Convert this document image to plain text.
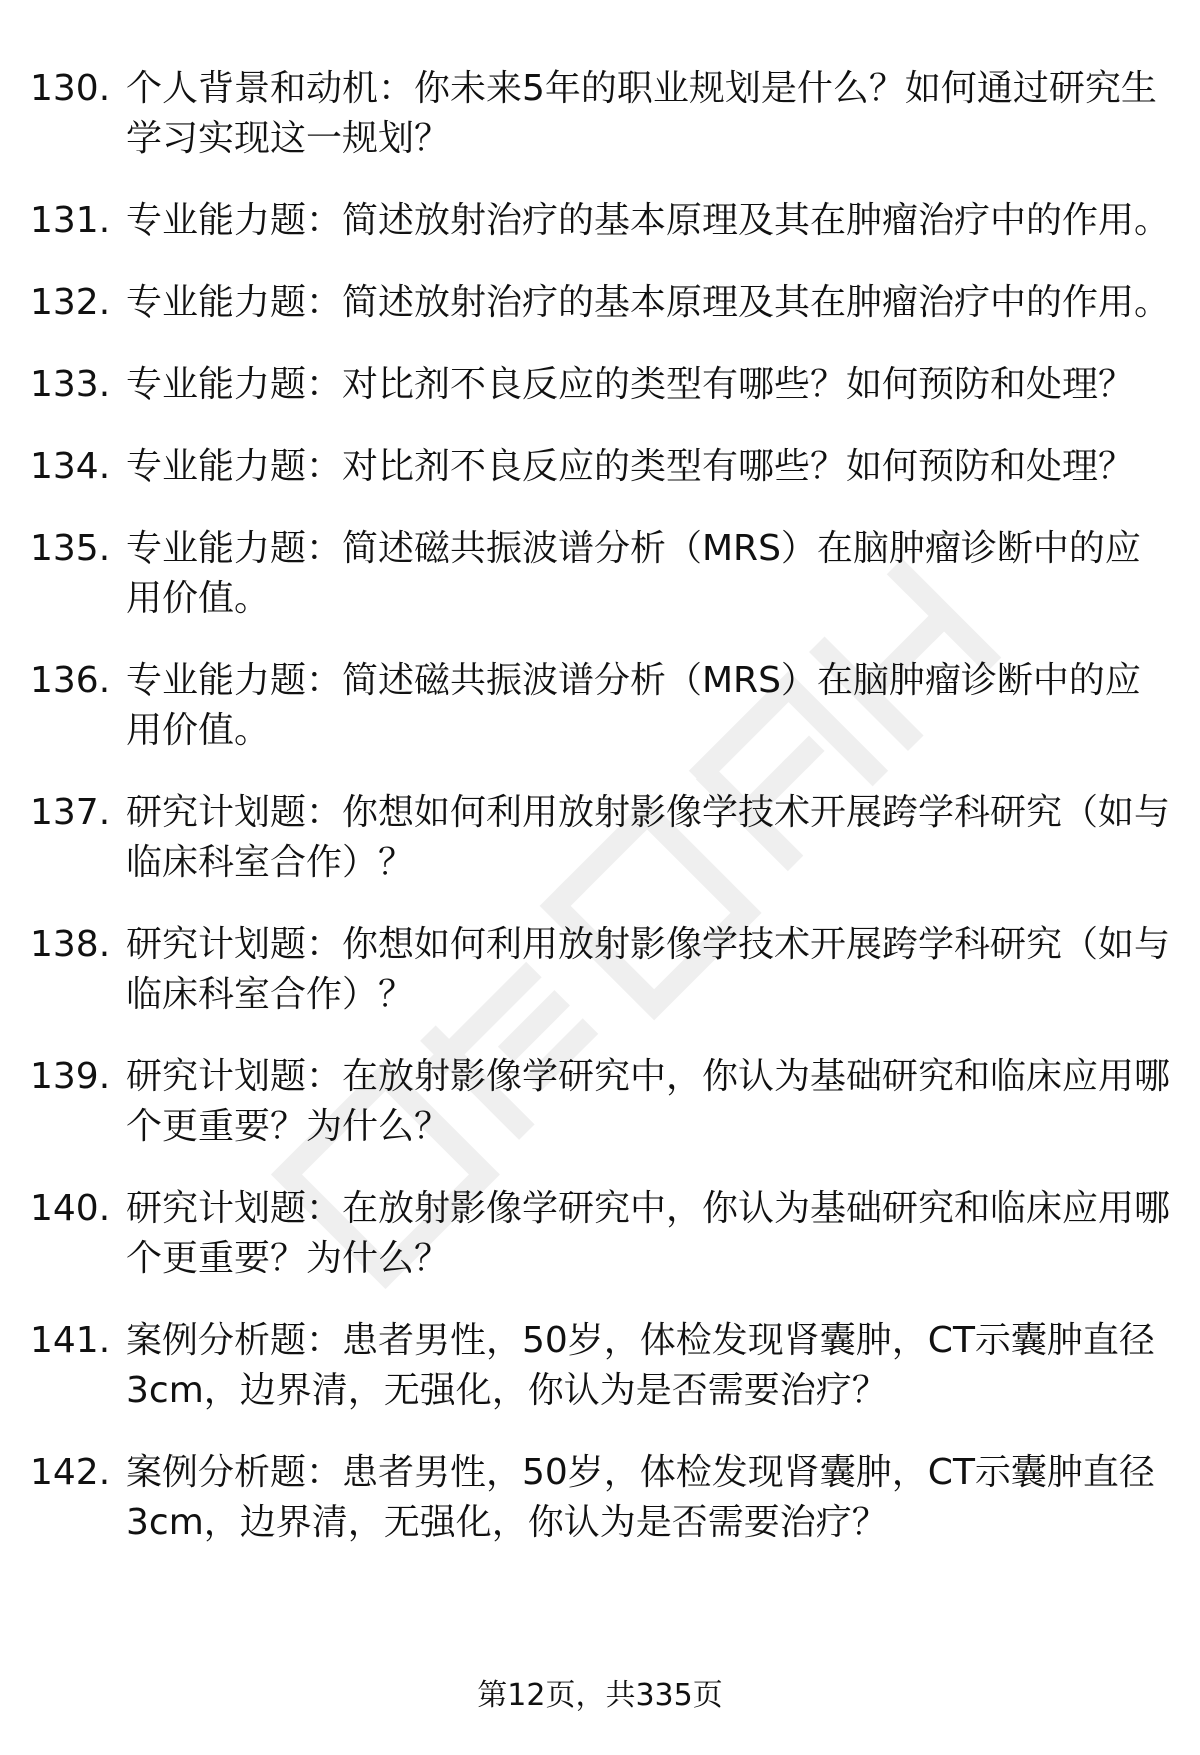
130. 个人背景和动机：你未来5年的职业规划是什么？如何通过研究生学习实现这一规划？
131. 专业能力题：简述放射治疗的基本原理及其在肿瘤治疗中的作用。
132. 专业能力题：简述放射治疗的基本原理及其在肿瘤治疗中的作用。
133. 专业能力题：对比剂不良反应的类型有哪些？如何预防和处理？
134. 专业能力题：对比剂不良反应的类型有哪些？如何预防和处理？
135. 专业能力题：简述磁共振波谱分析（MRS）在脑肿瘤诊断中的应用价值。
136. 专业能力题：简述磁共振波谱分析（MRS）在脑肿瘤诊断中的应用价值。
137. 研究计划题：你想如何利用放射影像学技术开展跨学科研究（如与临床科室合作）？
138. 研究计划题：你想如何利用放射影像学技术开展跨学科研究（如与临床科室合作）？
139. 研究计划题：在放射影像学研究中，你认为基础研究和临床应用哪个更重要？为什么？
140. 研究计划题：在放射影像学研究中，你认为基础研究和临床应用哪个更重要？为什么？
141. 案例分析题：患者男性，50岁，体检发现肾囊肿，CT示囊肿直径3cm，边界清，无强化，你认为是否需要治疗？
142. 案例分析题：患者男性，50岁，体检发现肾囊肿，CT示囊肿直径3cm，边界清，无强化，你认为是否需要治疗？
第12页，共335页
